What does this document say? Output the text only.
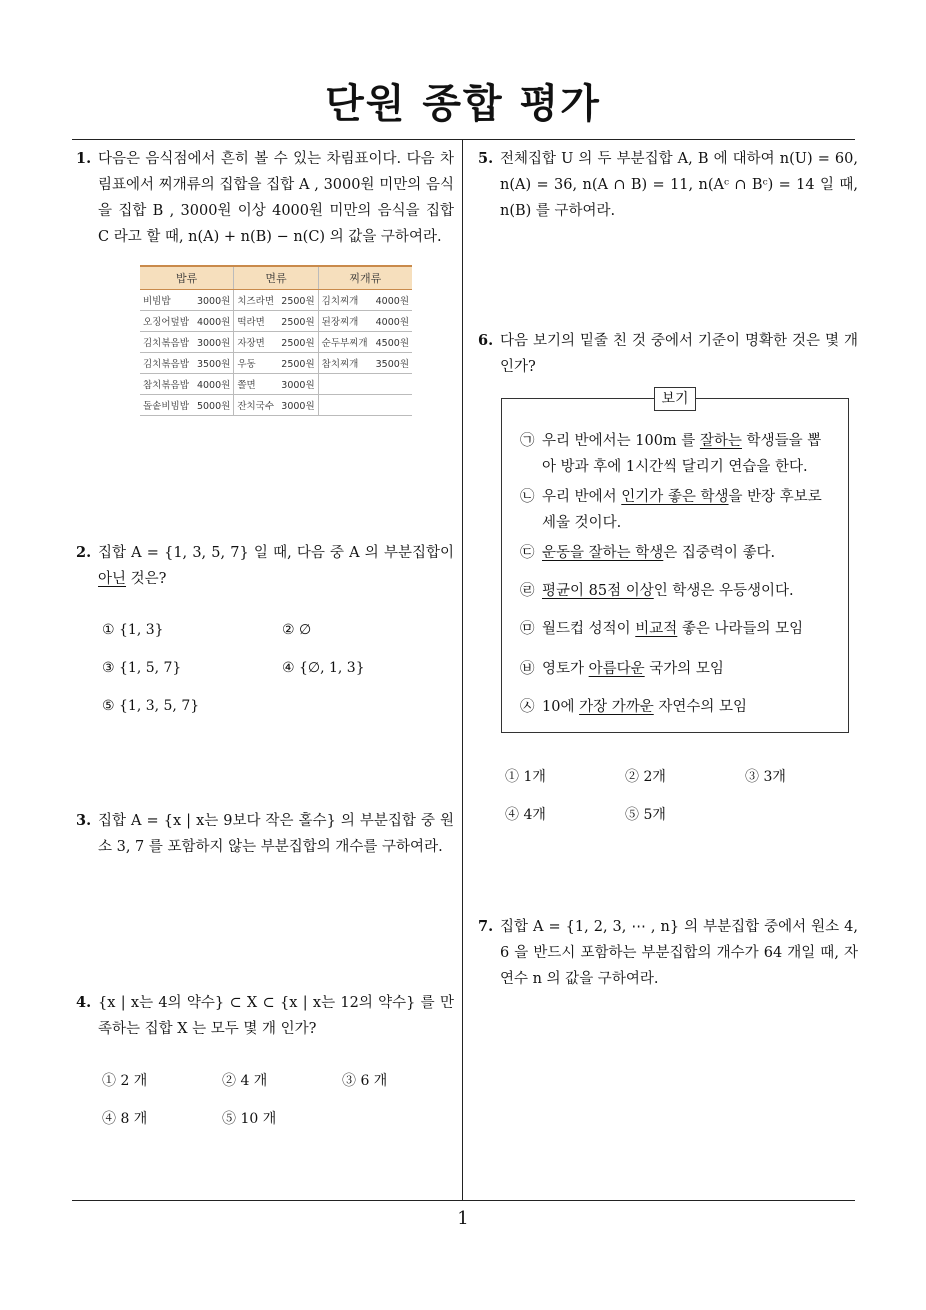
단원 종합 평가
1. 다음은 음식점에서 흔히 볼 수 있는 차림표이다. 다음 차림표에서 찌개류의 집합을 집합 A , 3000원 미만의 음식을 집합 B , 3000원 이상 4000원 미만의 음식을 집합 C 라고 할 때, n(A) + n(B) − n(C) 의 값을 구하여라.
밥류	면류	찌개류
비빔밥 3000원	치즈라면 2500원	김치찌개 4000원

오징어덮밥 4000원	떡라면 2500원	된장찌개 4000원

김치볶음밥 3000원	자장면 2500원	순두부찌개 4500원

김치볶음밥 3500원	우동 2500원	참치찌개 3500원

참치볶음밥 4000원	쫄면 3000원	

돌솥비빔밥 5000원	잔치국수 3000원	

2. 집합 A = {1, 3, 5, 7} 일 때, 다음 중 A 의 부분집합이 아닌 것은?
① {1, 3}	② ∅
③ {1, 5, 7}	④ {∅, 1, 3}
⑤ {1, 3, 5, 7}
3. 집합 A = {x | x는 9보다 작은 홀수} 의 부분집합 중 원소 3, 7 를 포함하지 않는 부분집합의 개수를 구하여라.
4. {x | x는 4의 약수} ⊂ X ⊂ {x | x는 12의 약수} 를 만족하는 집합 X 는 모두 몇 개 인가?
① 2 개	② 4 개	③ 6 개
④ 8 개	⑤ 10 개
5. 전체집합 U 의 두 부분집합 A, B 에 대하여 n(U) = 60, n(A) = 36, n(A ∩ B) = 11, n(Aᶜ ∩ Bᶜ) = 14 일 때, n(B) 를 구하여라.
6. 다음 보기의 밑줄 친 것 중에서 기준이 명확한 것은 몇 개인가?
보기
㉠ 우리 반에서는 100m 를 잘하는 학생들을 뽑아 방과 후에 1시간씩 달리기 연습을 한다.
㉡ 우리 반에서 인기가 좋은 학생을 반장 후보로 세울 것이다.
㉢ 운동을 잘하는 학생은 집중력이 좋다.
㉣ 평균이 85점 이상인 학생은 우등생이다.
㉤ 월드컵 성적이 비교적 좋은 나라들의 모임
㉥ 영토가 아름다운 국가의 모임
㉦ 10에 가장 가까운 자연수의 모임
① 1개	② 2개	③ 3개
④ 4개	⑤ 5개
7. 집합 A = {1, 2, 3, ⋯ , n} 의 부분집합 중에서 원소 4, 6 을 반드시 포함하는 부분집합의 개수가 64 개일 때, 자연수 n 의 값을 구하여라.
1
